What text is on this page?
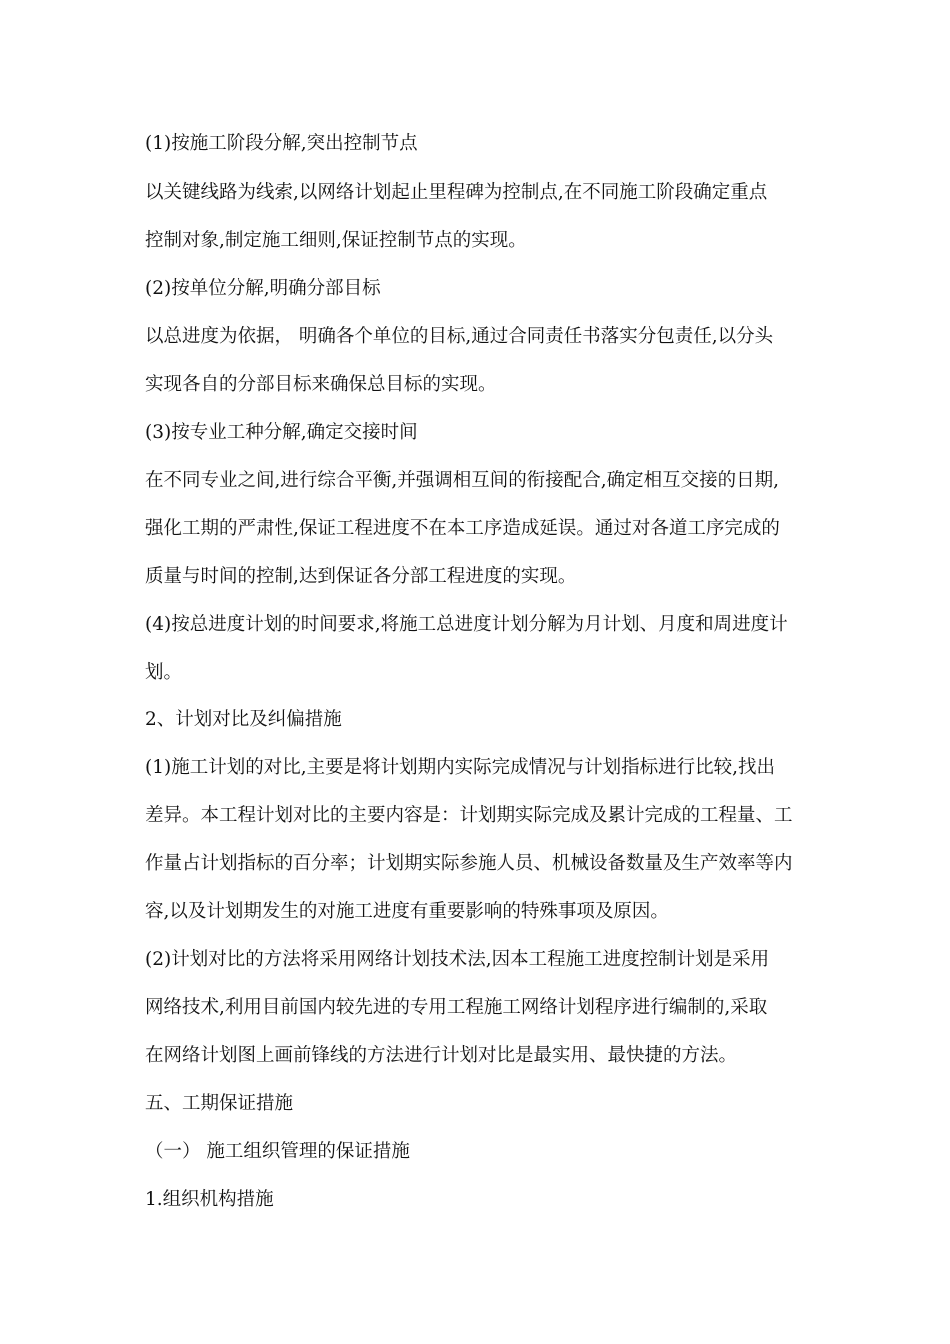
(1)按施工阶段分解,突出控制节点
以关键线路为线索,以网络计划起止里程碑为控制点,在不同施工阶段确定重点
控制对象,制定施工细则,保证控制节点的实现。
(2)按单位分解,明确分部目标
以总进度为依据， 明确各个单位的目标,通过合同责任书落实分包责任,以分头
实现各自的分部目标来确保总目标的实现。
(3)按专业工种分解,确定交接时间
在不同专业之间,进行综合平衡,并强调相互间的衔接配合,确定相互交接的日期,
强化工期的严肃性,保证工程进度不在本工序造成延误。通过对各道工序完成的
质量与时间的控制,达到保证各分部工程进度的实现。
(4)按总进度计划的时间要求,将施工总进度计划分解为月计划、月度和周进度计
划。
2、计划对比及纠偏措施
(1)施工计划的对比,主要是将计划期内实际完成情况与计划指标进行比较,找出
差异。本工程计划对比的主要内容是：计划期实际完成及累计完成的工程量、工
作量占计划指标的百分率；计划期实际参施人员、机械设备数量及生产效率等内
容,以及计划期发生的对施工进度有重要影响的特殊事项及原因。
(2)计划对比的方法将采用网络计划技术法,因本工程施工进度控制计划是采用
网络技术,利用目前国内较先进的专用工程施工网络计划程序进行编制的,采取
在网络计划图上画前锋线的方法进行计划对比是最实用、最快捷的方法。
五、工期保证措施
（一） 施工组织管理的保证措施
1.组织机构措施
